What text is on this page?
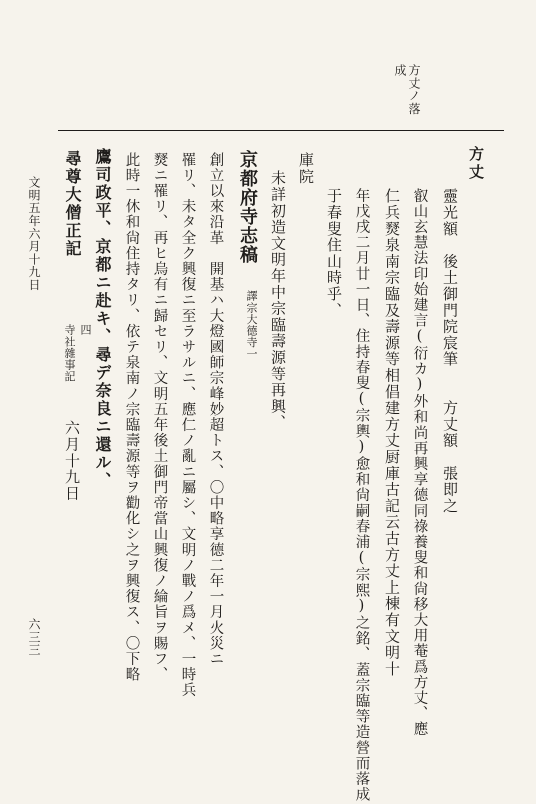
方丈ノ落
成
方丈
靈光額　後土御門院宸筆　　方丈額　張即之
叡山玄慧法印始建言(衍カ)外和尚再興享德同祿養叟和尙移大用菴爲方丈、應
仁兵燹泉南宗臨及壽源等相倡建方丈厨庫古記云古方丈上棟有文明十
年戊戌二月廿一日、住持春叟(宗輿)愈和尙嗣春浦(宗熙)之銘、蓋宗臨等造營而落成
于春叟住山時乎、
庫院
未詳初造文明年中宗臨壽源等再興、
京都府寺志稿
譯宗大德寺一
創立以來沿革　開基ハ大燈國師宗峰妙超トス、〇中略享德二年一月火災ニ
罹リ、未タ全ク興復ニ至ラサルニ、應仁ノ亂ニ屬シ、文明ノ戰ノ爲メ、一時兵
燹ニ罹リ、再ヒ烏有ニ歸セリ、文明五年後土御門帝當山興復ノ綸旨ヲ賜フ、
此時一休和尙住持タリ、依テ泉南ノ宗臨壽源等ヲ勸化シ之ヲ興復ス、〇下略
鷹司政平、京都ニ赴キ、尋デ奈良ニ還ル、
尋尊大僧正記
四
寺社雜事記
六月十九日
文明五年六月十九日
六三三
